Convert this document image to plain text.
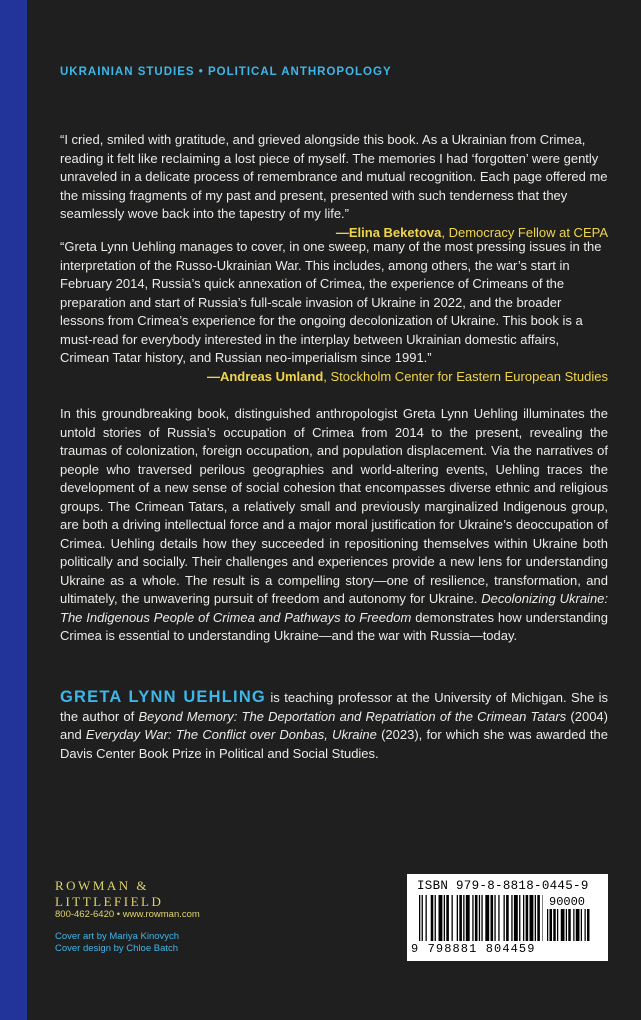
UKRAINIAN STUDIES • POLITICAL ANTHROPOLOGY

“I cried, smiled with gratitude, and grieved alongside this book. As a Ukrainian from Crimea, reading it felt like reclaiming a lost piece of myself. The memories I had ‘forgotten’ were gently unraveled in a delicate process of remembrance and mutual recognition. Each page offered me the missing fragments of my past and present, presented with such tenderness that they seamlessly wove back into the tapestry of my life.”
—Elina Beketova, Democracy Fellow at CEPA

“Greta Lynn Uehling manages to cover, in one sweep, many of the most pressing issues in the interpretation of the Russo-Ukrainian War. This includes, among others, the war’s start in February 2014, Russia’s quick annexation of Crimea, the experience of Crimeans of the preparation and start of Russia’s full-scale invasion of Ukraine in 2022, and the broader lessons from Crimea’s experience for the ongoing decolonization of Ukraine. This book is a must-read for everybody interested in the interplay between Ukrainian domestic affairs, Crimean Tatar history, and Russian neo-imperialism since 1991.”
—Andreas Umland, Stockholm Center for Eastern European Studies

In this groundbreaking book, distinguished anthropologist Greta Lynn Uehling illuminates the untold stories of Russia’s occupation of Crimea from 2014 to the present, revealing the traumas of colonization, foreign occupation, and population displacement. Via the narratives of people who traversed perilous geographies and world-altering events, Uehling traces the development of a new sense of social cohesion that encompasses diverse ethnic and religious groups. The Crimean Tatars, a relatively small and previously marginalized Indigenous group, are both a driving intellectual force and a major moral justification for Ukraine’s deoccupation of Crimea. Uehling details how they succeeded in repositioning themselves within Ukraine both politically and socially. Their challenges and experiences provide a new lens for understanding Ukraine as a whole. The result is a compelling story—one of resilience, transformation, and ultimately, the unwavering pursuit of freedom and autonomy for Ukraine. Decolonizing Ukraine: The Indigenous People of Crimea and Pathways to Freedom demonstrates how understanding Crimea is essential to understanding Ukraine—and the war with Russia—today.

GRETA LYNN UEHLING is teaching professor at the University of Michigan. She is the author of Beyond Memory: The Deportation and Repatriation of the Crimean Tatars (2004) and Everyday War: The Conflict over Donbas, Ukraine (2023), for which she was awarded the Davis Center Book Prize in Political and Social Studies.

ROWMAN &
LITTLEFIELD
800-462-6420 • www.rowman.com
Cover art by Mariya Kinovych
Cover design by Chloe Batch
ISBN 979-8-8818-0445-9
90000
9 798881 804459
